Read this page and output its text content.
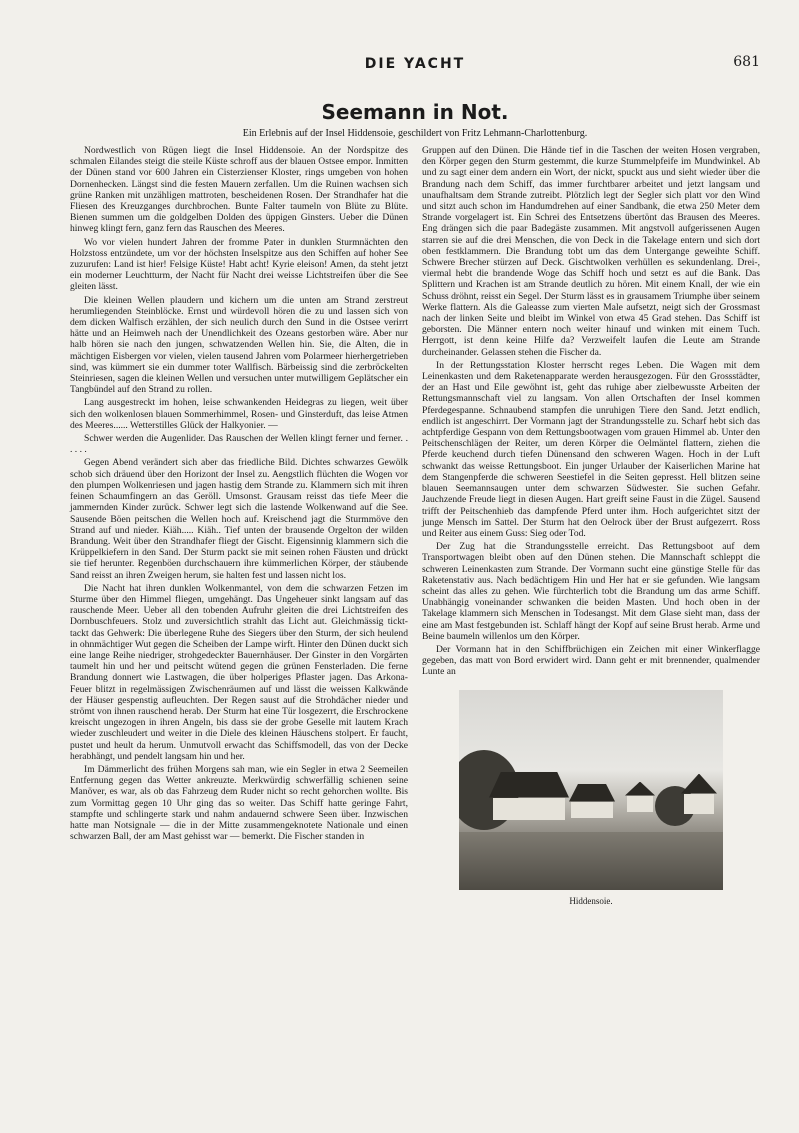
DIE YACHT	681
Seemann in Not.
Ein Erlebnis auf der Insel Hiddensoie, geschildert von Fritz Lehmann-Charlottenburg.

Nordwestlich von Rügen liegt die Insel Hiddensoie. An der Nordspitze des schmalen Eilandes steigt die steile Küste schroff aus der blauen Ostsee empor. Inmitten der Dünen stand vor 600 Jahren ein Cisterzienser Kloster, rings umgeben von hohen Dornenhecken. Längst sind die festen Mauern zerfallen. Um die Ruinen wachsen sich grüne Ranken mit unzähligen mattroten, bescheidenen Rosen. Der Strandhafer hat die Fliesen des Kreuzganges durchbrochen. Bunte Falter taumeln von Blüte zu Blüte. Bienen summen um die goldgelben Dolden des üppigen Ginsters. Ueber die Dünen hinweg klingt fern, ganz fern das Rauschen des Meeres.

Wo vor vielen hundert Jahren der fromme Pater in dunklen Sturmnächten den Holzstoss entzündete, um vor der höchsten Inselspitze aus den Schiffen auf hoher See zuzurufen: Land ist hier! Felsige Küste! Habt acht! Kyrie eleison! Amen, da steht jetzt ein moderner Leuchtturm, der Nacht für Nacht drei weisse Lichtstreifen über die See gleiten lässt.

Die kleinen Wellen plaudern und kichern um die unten am Strand zerstreut herumliegenden Steinblöcke. Ernst und würdevoll hören die zu und lassen sich von dem dicken Walfisch erzählen, der sich neulich durch den Sund in die Ostsee verirrt hätte und an Heimweh nach der Unendlichkeit des Ozeans gestorben wäre. Aber nur halb hören sie nach den jungen, schwatzenden Wellen hin. Sie, die Alten, die in mächtigen Eisbergen vor vielen, vielen tausend Jahren vom Polarmeer hierhergetrieben sind, was kümmert sie ein dummer toter Wallfisch. Bärbeissig sind die zerbröckelten Steinriesen, sagen die kleinen Wellen und versuchen unter mutwilligem Geplätscher ein Tangbündel auf den Strand zu rollen.

Lang ausgestreckt im hohen, leise schwankenden Heidegras zu liegen, weit über sich den wolkenlosen blauen Sommerhimmel, Rosen- und Ginsterduft, das leise Atmen des Meeres...... Wetterstilles Glück der Halkyonier. —

Schwer werden die Augenlider. Das Rauschen der Wellen klingt ferner und ferner. . . . . .

Gegen Abend verändert sich aber das friedliche Bild. Dichtes schwarzes Gewölk schob sich dräuend über den Horizont der Insel zu. Aengstlich flüchten die Wogen vor den plumpen Wolkenriesen und jagen hastig dem Strande zu. Klammern sich mit ihren feinen Schaumfingern an das Geröll. Umsonst. Grausam reisst das tiefe Meer die jammernden Kinder zurück. Schwer legt sich die lastende Wolkenwand auf die See. Sausende Böen peitschen die Wellen hoch auf. Kreischend jagt die Sturmmöve den Strand auf und nieder. Kiäh..... Kiäh.. Tief unten der brausende Orgelton der wilden Brandung. Weit über den Strandhafer fliegt der Gischt. Eigensinnig klammern sich die Krüppelkiefern in den Sand. Der Sturm packt sie mit seinen rohen Fäusten und drückt sie tief herunter. Regenböen durchschauern ihre kümmerlichen Körper, der stäubende Sand reisst an ihren Zweigen herum, sie halten fest und lassen nicht los.

Die Nacht hat ihren dunklen Wolkenmantel, von dem die schwarzen Fetzen im Sturme über den Himmel fliegen, umgehängt. Das Ungeheuer sinkt langsam auf das rauschende Meer. Ueber all den tobenden Aufruhr gleiten die drei Lichtstreifen des Dornbuschfeuers. Stolz und zuversichtlich strahlt das Licht aut. Gleichmässig tickt-tackt das Gehwerk: Die überlegene Ruhe des Siegers über den Sturm, der sich heulend in ohnmächtiger Wut gegen die Scheiben der Lampe wirft. Hinter den Dünen duckt sich eine lange Reihe niedriger, strohgedeckter Bauernhäuser. Der Ginster in den Vorgärten taumelt hin und her und peitscht wütend gegen die grünen Fensterladen. Die ferne Brandung donnert wie Lastwagen, die über holperiges Pflaster jagen. Das Arkona-Feuer blitzt in regelmässigen Zwischenräumen auf und lässt die weissen Kalkwände der Häuser gespenstig aufleuchten. Der Regen saust auf die Strohdächer nieder und strömt von ihnen rauschend herab. Der Sturm hat eine Tür losgezerrt, die Erschrockene kreischt ungezogen in ihren Angeln, bis dass sie der grobe Geselle mit lautem Krach wieder zuschleudert und weiter in die Diele des kleinen Häuschens stolpert. Er faucht, pustet und heult da herum. Unmutvoll erwacht das Schiffsmodell, das von der Decke herabhängt, und pendelt langsam hin und her.

Im Dämmerlicht des frühen Morgens sah man, wie ein Segler in etwa 2 Seemeilen Entfernung gegen das Wetter ankreuzte. Merkwürdig schwerfällig schienen seine Manöver, es war, als ob das Fahrzeug dem Ruder nicht so recht gehorchen wollte. Bis zum Vormittag gegen 10 Uhr ging das so weiter. Das Schiff hatte geringe Fahrt, stampfte und schlingerte stark und nahm andauernd schwere Seen über. Inzwischen hatte man Notsignale — die in der Mitte zusammengeknotete Nationale und einen schwarzen Ball, der am Mast gehisst war — bemerkt. Die Fischer standen in

Gruppen auf den Dünen. Die Hände tief in die Taschen der weiten Hosen vergraben, den Körper gegen den Sturm gestemmt, die kurze Stummelpfeife im Mundwinkel. Ab und zu sagt einer dem andern ein Wort, der nickt, spuckt aus und sieht wieder über die Brandung nach dem Schiff, das immer furchtbarer arbeitet und jetzt langsam und unaufhaltsam dem Strande zutreibt. Plötzlich legt der Segler sich platt vor den Wind und sitzt auch schon im Handumdrehen auf einer Sandbank, die etwa 250 Meter dem Strande vorgelagert ist. Ein Schrei des Entsetzens übertönt das Brausen des Meeres. Eng drängen sich die paar Badegäste zusammen. Mit angstvoll aufgerissenen Augen starren sie auf die drei Menschen, die von Deck in die Takelage entern und sich dort oben festklammern. Die Brandung tobt um das dem Untergange geweihte Schiff. Schwere Brecher stürzen auf Deck. Gischtwolken verhüllen es sekundenlang. Drei-, viermal hebt die brandende Woge das Schiff hoch und setzt es auf die Bank. Das Splittern und Krachen ist am Strande deutlich zu hören. Mit einem Knall, der wie ein Schuss dröhnt, reisst ein Segel. Der Sturm lässt es in grausamem Triumphe über seinem Werke flattern. Als die Galeasse zum vierten Male aufsetzt, neigt sich der Grossmast nach der linken Seite und bleibt im Winkel von etwa 45 Grad stehen. Das Schiff ist geborsten. Die Männer entern noch weiter hinauf und winken mit einem Tuch. Herrgott, ist denn keine Hilfe da? Verzweifelt laufen die Leute am Strande durcheinander. Gelassen stehen die Fischer da.

In der Rettungsstation Kloster herrscht reges Leben. Die Wagen mit dem Leinenkasten und dem Raketenapparate werden herausgezogen. Für den Grossstädter, der an Hast und Eile gewöhnt ist, geht das ruhige aber zielbewusste Arbeiten der Rettungsmannschaft viel zu langsam. Von allen Ortschaften der Insel kommen Pferdegespanne. Schnaubend stampfen die unruhigen Tiere den Sand. Jetzt endlich, endlich ist angeschirrt. Der Vormann jagt der Strandungsstelle zu. Scharf hebt sich das achtpferdige Gespann von dem Rettungsbootwagen vom grauen Himmel ab. Unter den Peitschenschlägen der Reiter, um deren Körper die Oelmäntel flattern, ziehen die Pferde keuchend durch tiefen Dünensand den schweren Wagen. Hoch in der Luft schwankt das weisse Rettungsboot. Ein junger Urlauber der Kaiserlichen Marine hat dem Stangenpferde die schweren Seestiefel in die Seiten gepresst. Hell blitzen seine blauen Seemannsaugen unter dem schwarzen Südwester. Sie suchen Gefahr. Jauchzende Freude liegt in diesen Augen. Hart greift seine Faust in die Zügel. Sausend trifft der Peitschenhieb das dampfende Pferd unter ihm. Hoch aufgerichtet sitzt der junge Mensch im Sattel. Der Sturm hat den Oelrock über der Brust aufgezerrt. Ross und Reiter aus einem Guss: Sieg oder Tod.

Der Zug hat die Strandungsstelle erreicht. Das Rettungsboot auf dem Transportwagen bleibt oben auf den Dünen stehen. Die Mannschaft schleppt die schweren Leinenkasten zum Strande. Der Vormann sucht eine günstige Stelle für das Raketenstativ aus. Nach bedächtigem Hin und Her hat er sie gefunden. Wie langsam scheint das alles zu gehen. Wie fürchterlich tobt die Brandung um das arme Schiff. Unabhängig voneinander schwanken die beiden Masten. Und hoch oben in der Takelage klammern sich Menschen in Todesangst. Mit dem Glase sieht man, dass der eine am Mast festgebunden ist. Schlaff hängt der Kopf auf seine Brust herab. Arme und Beine baumeln willenlos um den Körper.

Der Vormann hat in den Schiffbrüchigen ein Zeichen mit einer Winkerflagge gegeben, das matt von Bord erwidert wird. Dann geht er mit brennender, qualmender Lunte an

Hiddensoie.
